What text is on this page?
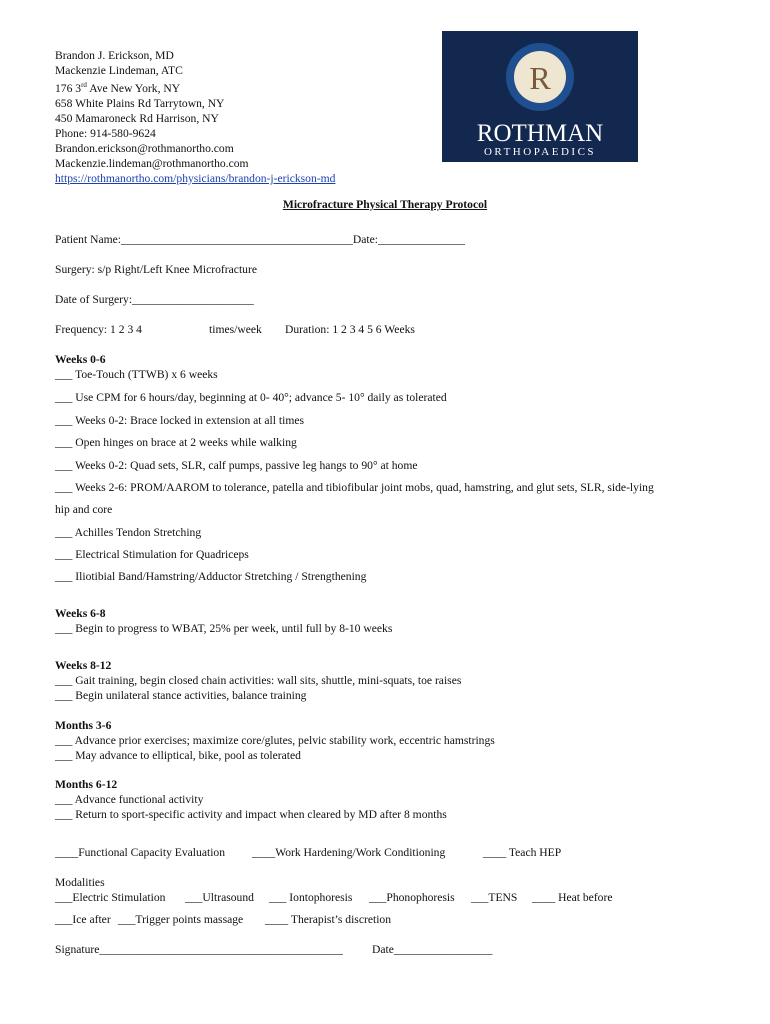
Brandon J. Erickson, MD
Mackenzie Lindeman, ATC
176 3rd Ave New York, NY
658 White Plains Rd Tarrytown, NY
450 Mamaroneck Rd Harrison, NY
Phone: 914-580-9624
Brandon.erickson@rothmanortho.com
Mackenzie.lindeman@rothmanortho.com
https://rothmanortho.com/physicians/brandon-j-erickson-md
R
ROTHMAN
ORTHOPAEDICS
Microfracture Physical Therapy Protocol
Patient Name:________________________________________Date:_______________
Surgery: s/p Right/Left Knee Microfracture
Date of Surgery:_____________________
Frequency: 1 2 3 4	times/week Duration: 1 2 3 4 5 6 Weeks
Weeks 0-6
___ Toe-Touch (TTWB) x 6 weeks
___ Use CPM for 6 hours/day, beginning at 0- 40°; advance 5- 10° daily as tolerated
___ Weeks 0-2: Brace locked in extension at all times
___ Open hinges on brace at 2 weeks while walking
___ Weeks 0-2: Quad sets, SLR, calf pumps, passive leg hangs to 90° at home
___ Weeks 2-6: PROM/AAROM to tolerance, patella and tibiofibular joint mobs, quad, hamstring, and glut sets, SLR, side-lying
hip and core
___ Achilles Tendon Stretching
___ Electrical Stimulation for Quadriceps
___ Iliotibial Band/Hamstring/Adductor Stretching / Strengthening
Weeks 6-8
___ Begin to progress to WBAT, 25% per week, until full by 8-10 weeks
Weeks 8-12
___ Gait training, begin closed chain activities: wall sits, shuttle, mini-squats, toe raises
___ Begin unilateral stance activities, balance training
Months 3-6
___ Advance prior exercises; maximize core/glutes, pelvic stability work, eccentric hamstrings
___ May advance to elliptical, bike, pool as tolerated
Months 6-12
___ Advance functional activity
___ Return to sport-specific activity and impact when cleared by MD after 8 months
____Functional Capacity Evaluation ____Work Hardening/Work Conditioning	____ Teach HEP
Modalities
___Electric Stimulation ___Ultrasound ___ Iontophoresis ___Phonophoresis ___TENS ____ Heat before
___Ice after ___Trigger points massage ____ Therapist’s discretion
Signature__________________________________________	Date_________________
